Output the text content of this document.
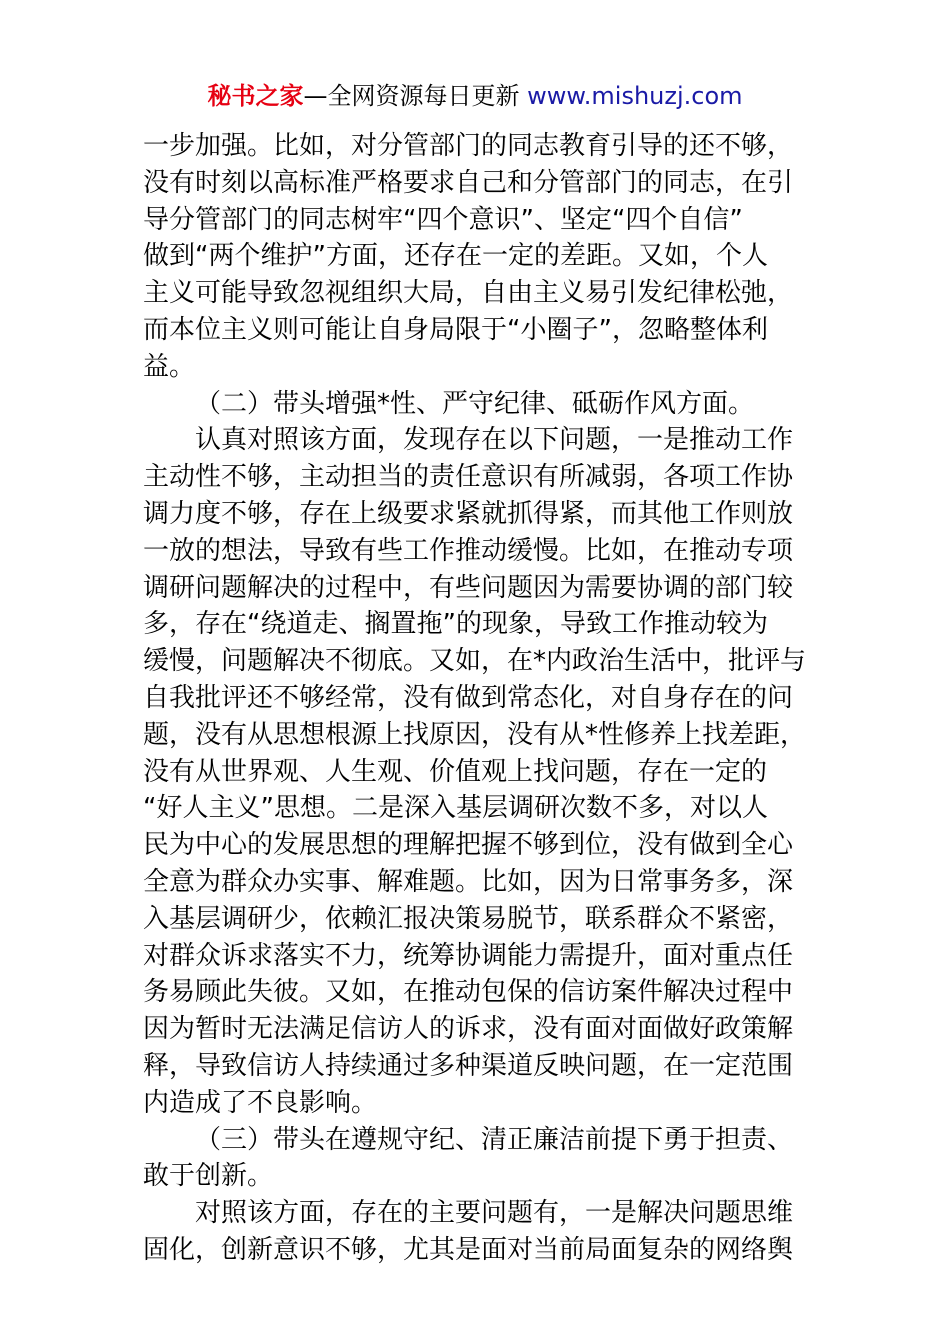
秘书之家—全网资源每日更新 www.mishuzj.com
一步加强。比如，对分管部门的同志教育引导的还不够，
没有时刻以高标准严格要求自己和分管部门的同志，在引
导分管部门的同志树牢“四个意识”、坚定“四个自信”
做到“两个维护”方面，还存在一定的差距。又如，个人
主义可能导致忽视组织大局，自由主义易引发纪律松弛，
而本位主义则可能让自身局限于“小圈子”，忽略整体利
益。
（二）带头增强*性、严守纪律、砥砺作风方面。
认真对照该方面，发现存在以下问题，一是推动工作
主动性不够，主动担当的责任意识有所减弱，各项工作协
调力度不够，存在上级要求紧就抓得紧，而其他工作则放
一放的想法，导致有些工作推动缓慢。比如，在推动专项
调研问题解决的过程中，有些问题因为需要协调的部门较
多，存在“绕道走、搁置拖”的现象，导致工作推动较为
缓慢，问题解决不彻底。又如，在*内政治生活中，批评与
自我批评还不够经常，没有做到常态化，对自身存在的问
题，没有从思想根源上找原因，没有从*性修养上找差距，
没有从世界观、人生观、价值观上找问题，存在一定的
“好人主义”思想。二是深入基层调研次数不多，对以人
民为中心的发展思想的理解把握不够到位，没有做到全心
全意为群众办实事、解难题。比如，因为日常事务多，深
入基层调研少，依赖汇报决策易脱节，联系群众不紧密，
对群众诉求落实不力，统筹协调能力需提升，面对重点任
务易顾此失彼。又如，在推动包保的信访案件解决过程中
因为暂时无法满足信访人的诉求，没有面对面做好政策解
释，导致信访人持续通过多种渠道反映问题，在一定范围
内造成了不良影响。
（三）带头在遵规守纪、清正廉洁前提下勇于担责、
敢于创新。
对照该方面，存在的主要问题有，一是解决问题思维
固化，创新意识不够，尤其是面对当前局面复杂的网络舆
